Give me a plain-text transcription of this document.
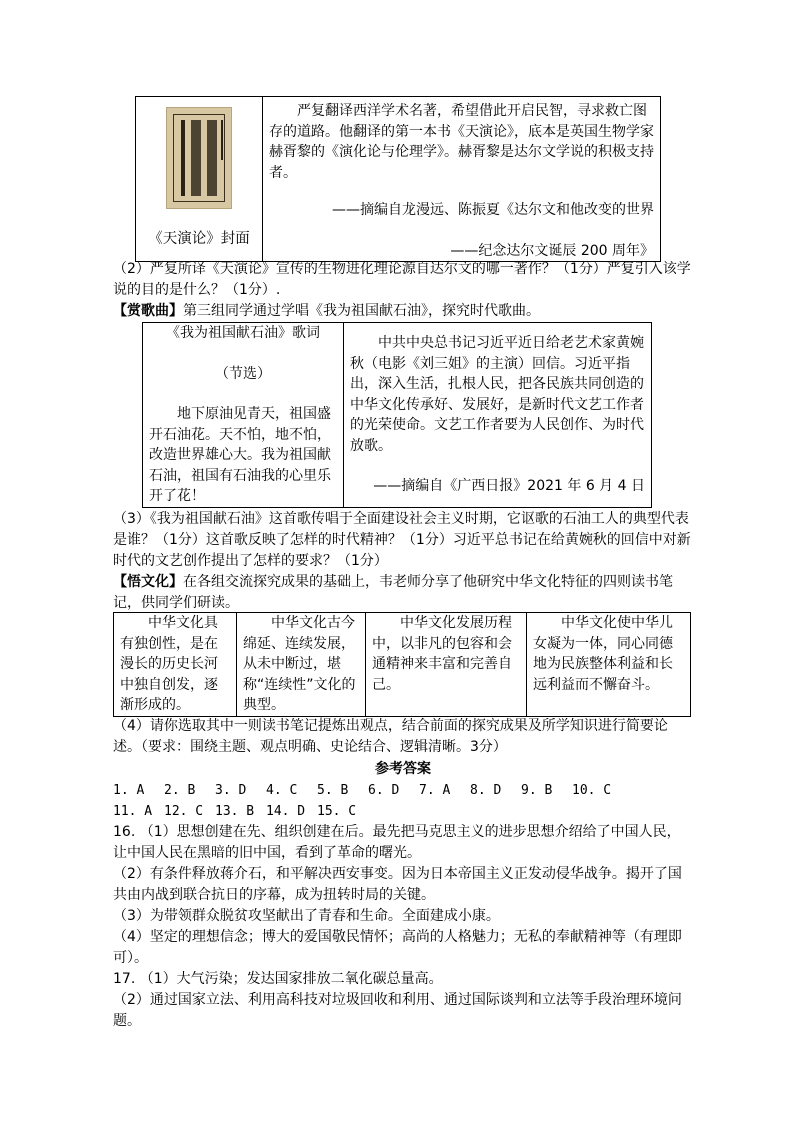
《天演论》封面

严复翻译西洋学术名著，希望借此开启民智，寻求救亡图存的道路。他翻译的第一本书《天演论》，底本是英国生物学家赫胥黎的《演化论与伦理学》。赫胥黎是达尔文学说的积极支持者。

——摘编自龙漫远、陈振夏《达尔文和他改变的世界

——纪念达尔文诞辰 200 周年》

（2）严复所译《天演论》宣传的生物进化理论源自达尔文的哪一著作？（1分）严复引入该学说的目的是什么？（1分）.

【赏歌曲】第三组同学通过学唱《我为祖国献石油》，探究时代歌曲。

《我为祖国献石油》歌词

（节选）

地下原油见青天，祖国盛开石油花。天不怕，地不怕，改造世界雄心大。我为祖国献石油，祖国有石油我的心里乐开了花！

中共中央总书记习近平近日给老艺术家黄婉秋（电影《刘三姐》的主演）回信。习近平指出，深入生活，扎根人民，把各民族共同创造的中华文化传承好、发展好，是新时代文艺工作者的光荣使命。文艺工作者要为人民创作、为时代放歌。

——摘编自《广西日报》2021 年 6 月 4 日

（3）《我为祖国献石油》这首歌传唱于全面建设社会主义时期，它讴歌的石油工人的典型代表是谁？（1分）这首歌反映了怎样的时代精神？（1分）习近平总书记在给黄婉秋的回信中对新时代的文艺创作提出了怎样的要求？（1分）

【悟文化】在各组交流探究成果的基础上，韦老师分享了他研究中华文化特征的四则读书笔记，供同学们研读。

中华文化具有独创性，是在漫长的历史长河中独自创发，逐渐形成的。	中华文化古今绵延、连续发展，从未中断过，堪称“连续性”文化的典型。	中华文化发展历程中，以非凡的包容和会通精神来丰富和完善自己。	中华文化使中华儿女凝为一体，同心同德地为民族整体利益和长远利益而不懈奋斗。

（4）请你选取其中一则读书笔记提炼出观点，结合前面的探究成果及所学知识进行简要论述。（要求：围绕主题、观点明确、史论结合、逻辑清晰。3分）

参考答案

1. A 2. B 3. D 4. C 5. B 6. D 7. A 8. D 9. B 10. C

11. A 12. C 13. B 14. D 15. C

16. （1）思想创建在先、组织创建在后。最先把马克思主义的进步思想介绍给了中国人民，让中国人民在黑暗的旧中国，看到了革命的曙光。

（2）有条件释放蒋介石，和平解决西安事变。因为日本帝国主义正发动侵华战争。揭开了国共由内战到联合抗日的序幕，成为扭转时局的关键。

（3）为带领群众脱贫攻坚献出了青春和生命。全面建成小康。

（4）坚定的理想信念；博大的爱国敬民情怀；高尚的人格魅力；无私的奉献精神等（有理即可）。

17. （1）大气污染；发达国家排放二氧化碳总量高。

（2）通过国家立法、利用高科技对垃圾回收和利用、通过国际谈判和立法等手段治理环境问题。
